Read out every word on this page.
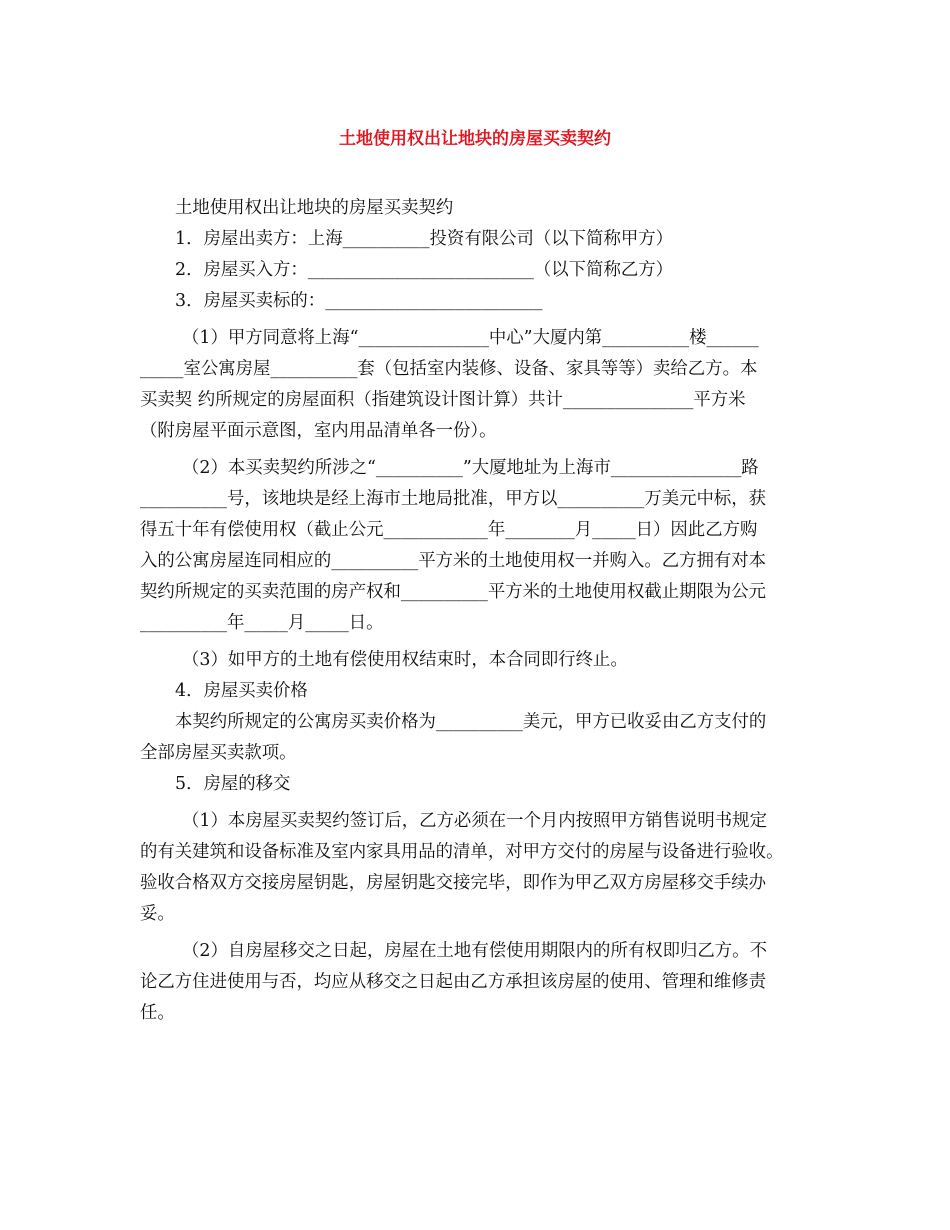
土地使用权出让地块的房屋买卖契约
土地使用权出让地块的房屋买卖契约
1．房屋出卖方：上海__________投资有限公司（以下简称甲方）
2．房屋买入方：__________________________（以下简称乙方）
3．房屋买卖标的：_________________________
（1）甲方同意将上海“_______________中心”大厦内第__________楼______
_____室公寓房屋__________套（包括室内装修、设备、家具等等）卖给乙方。本
买卖契 约所规定的房屋面积（指建筑设计图计算）共计_______________平方米
（附房屋平面示意图，室内用品清单各一份）。
（2）本买卖契约所涉之“__________”大厦地址为上海市_______________路
__________号，该地块是经上海市土地局批准，甲方以__________万美元中标，获
得五十年有偿使用权（截止公元____________年________月_____日）因此乙方购
入的公寓房屋连同相应的__________平方米的土地使用权一并购入。乙方拥有对本
契约所规定的买卖范围的房产权和__________平方米的土地使用权截止期限为公元
__________年_____月_____日。
（3）如甲方的土地有偿使用权结束时，本合同即行终止。
4．房屋买卖价格
本契约所规定的公寓房买卖价格为__________美元，甲方已收妥由乙方支付的
全部房屋买卖款项。
5．房屋的移交
（1）本房屋买卖契约签订后，乙方必须在一个月内按照甲方销售说明书规定
的有关建筑和设备标准及室内家具用品的清单，对甲方交付的房屋与设备进行验收。
验收合格双方交接房屋钥匙，房屋钥匙交接完毕，即作为甲乙双方房屋移交手续办
妥。
（2）自房屋移交之日起，房屋在土地有偿使用期限内的所有权即归乙方。不
论乙方住进使用与否，均应从移交之日起由乙方承担该房屋的使用、管理和维修责
任。
